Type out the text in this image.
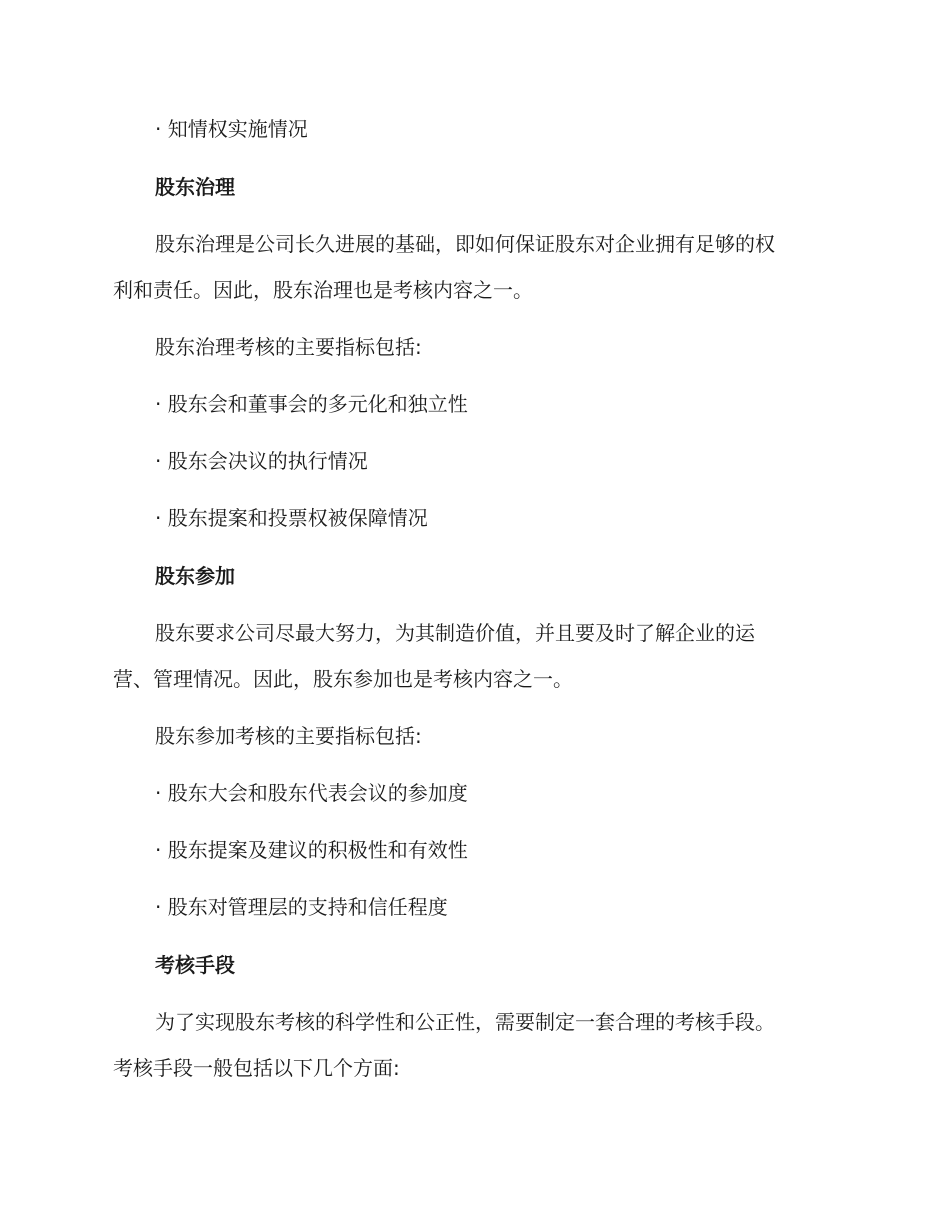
· 知情权实施情况
股东治理
股东治理是公司长久进展的基础，即如何保证股东对企业拥有足够的权
利和责任。因此，股东治理也是考核内容之一。
股东治理考核的主要指标包括:
· 股东会和董事会的多元化和独立性
· 股东会决议的执行情况
· 股东提案和投票权被保障情况
股东参加
股东要求公司尽最大努力，为其制造价值，并且要及时了解企业的运
营、管理情况。因此，股东参加也是考核内容之一。
股东参加考核的主要指标包括:
· 股东大会和股东代表会议的参加度
· 股东提案及建议的积极性和有效性
· 股东对管理层的支持和信任程度
考核手段
为了实现股东考核的科学性和公正性，需要制定一套合理的考核手段。
考核手段一般包括以下几个方面:
